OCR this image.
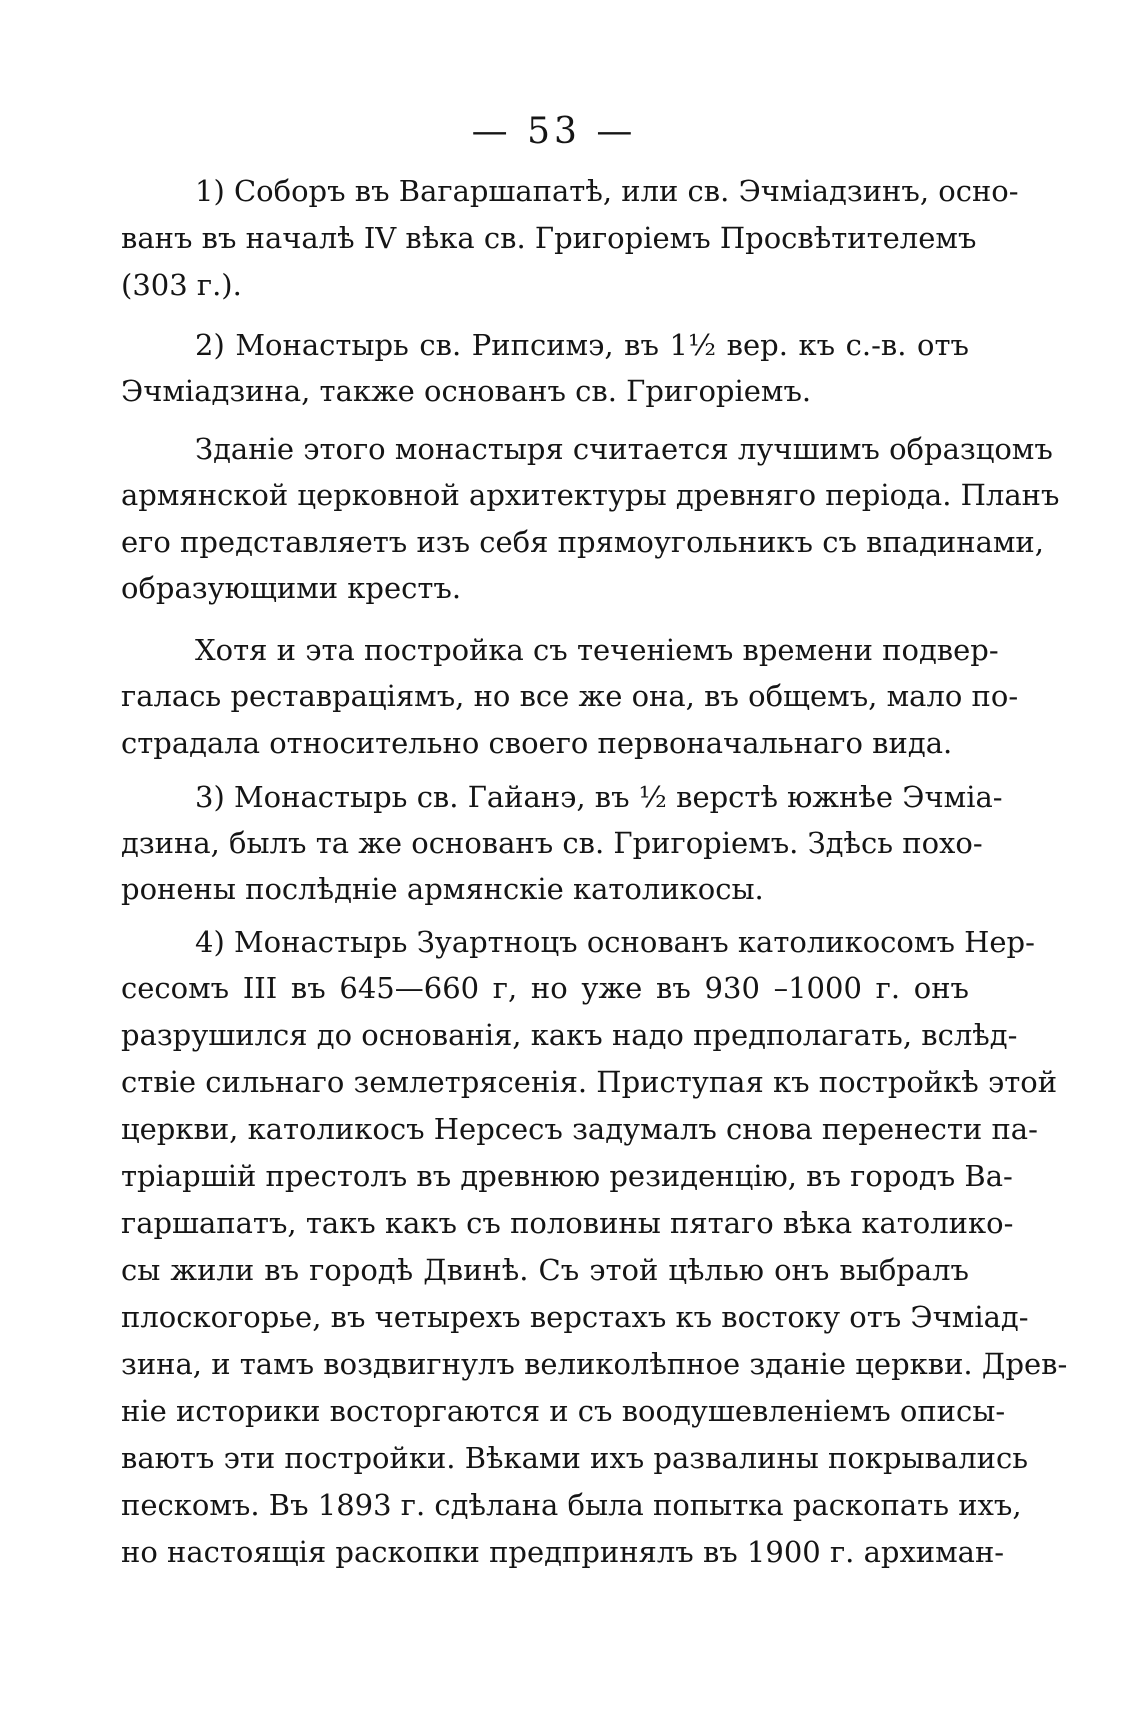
— 53 —
1) Соборъ въ Вагаршапатѣ, или св. Эчміадзинъ, осно-
ванъ въ началѣ IV вѣка св. Григоріемъ Просвѣтителемъ
(303 г.).
2) Монастырь св. Рипсимэ, въ 1½ вер. къ с.-в. отъ
Эчміадзина, также основанъ св. Григоріемъ.
Зданіе этого монастыря считается лучшимъ образцомъ
армянской церковной архитектуры древняго періода. Планъ
его представляетъ изъ себя прямоугольникъ съ впадинами,
образующими крестъ.
Хотя и эта постройка съ теченіемъ времени подвер-
галась реставраціямъ, но все же она, въ общемъ, мало по-
страдала относительно своего первоначальнаго вида.
3) Монастырь св. Гайанэ, въ ½ верстѣ южнѣе Эчміа-
дзина, былъ та же основанъ св. Григоріемъ. Здѣсь похо-
ронены послѣдніе армянскіе католикосы.
4) Монастырь Зуартноцъ основанъ католикосомъ Нер-
сесомъ III въ 645—660 г, но уже въ 930 –1000 г. онъ
разрушился до основанія, какъ надо предполагать, вслѣд-
ствіе сильнаго землетрясенія. Приступая къ постройкѣ этой
церкви, католикосъ Нерсесъ задумалъ снова перенести па-
тріаршій престолъ въ древнюю резиденцію, въ городъ Ва-
гаршапатъ, такъ какъ съ половины пятаго вѣка католико-
сы жили въ городѣ Двинѣ. Съ этой цѣлью онъ выбралъ
плоскогорье, въ четырехъ верстахъ къ востоку отъ Эчміад-
зина, и тамъ воздвигнулъ великолѣпное зданіе церкви. Древ-
ніе историки восторгаются и съ воодушевленіемъ описы-
ваютъ эти постройки. Вѣками ихъ развалины покрывались
пескомъ. Въ 1893 г. сдѣлана была попытка раскопать ихъ,
но настоящія раскопки предпринялъ въ 1900 г. архиман-
